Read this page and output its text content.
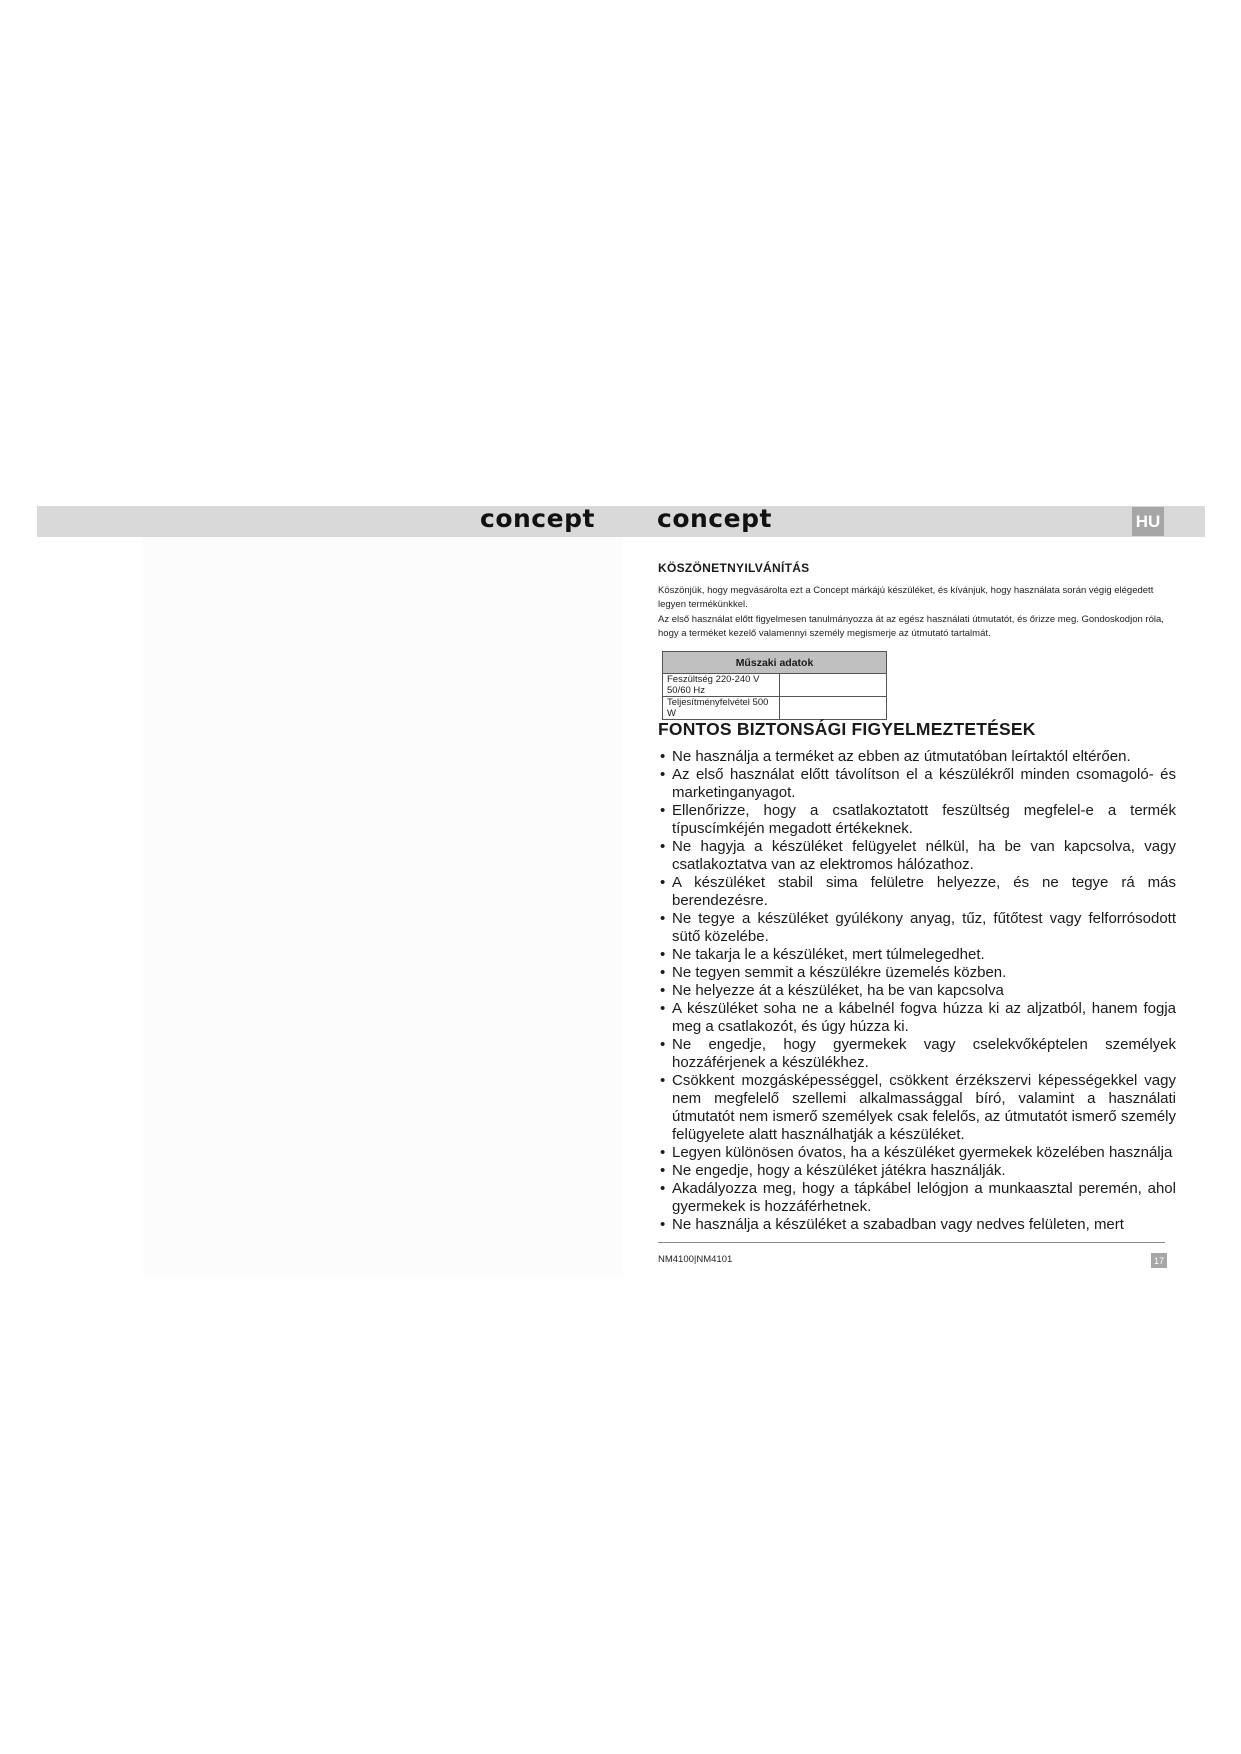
concept concept	HU
KÖSZÖNETNYILVÁNÍTÁS

Köszönjük, hogy megvásárolta ezt a Concept márkájú készüléket, és kívánjuk, hogy használata során végig elégedett legyen termékünkkel.

Az első használat előtt figyelmesen tanulmányozza át az egész használati útmutatót, és őrizze meg. Gondoskodjon róla, hogy a terméket kezelő valamennyi személy megismerje az útmutató tartalmát.

Műszaki adatok	
Feszültség 220-240 V 50/60 Hz	
Teljesítményfelvétel 500 W	
FONTOS BIZTONSÁGI FIGYELMEZTETÉSEK
• Ne használja a terméket az ebben az útmutatóban leírtaktól eltérően.
• Az első használat előtt távolítson el a készülékről minden csomagoló- és marketinganyagot.
• Ellenőrizze, hogy a csatlakoztatott feszültség megfelel-e a termék típuscímkéjén megadott értékeknek.
• Ne hagyja a készüléket felügyelet nélkül, ha be van kapcsolva, vagy csatlakoztatva van az elektromos hálózathoz.
• A készüléket stabil sima felületre helyezze, és ne tegye rá más berendezésre.
• Ne tegye a készüléket gyúlékony anyag, tűz, fűtőtest vagy felforrósodott sütő közelébe.
• Ne takarja le a készüléket, mert túlmelegedhet.
• Ne tegyen semmit a készülékre üzemelés közben.
• Ne helyezze át a készüléket, ha be van kapcsolva
• A készüléket soha ne a kábelnél fogva húzza ki az aljzatból, hanem fogja meg a csatlakozót, és úgy húzza ki.
• Ne engedje, hogy gyermekek vagy cselekvőképtelen személyek hozzáférjenek a készülékhez.
• Csökkent mozgásképességgel, csökkent érzékszervi képességekkel vagy nem megfelelő szellemi alkalmassággal bíró, valamint a használati útmutatót nem ismerő személyek csak felelős, az útmutatót ismerő személy felügyelete alatt használhatják a készüléket.
• Legyen különösen óvatos, ha a készüléket gyermekek közelében használja
• Ne engedje, hogy a készüléket játékra használják.
• Akadályozza meg, hogy a tápkábel lelógjon a munkaasztal peremén, ahol gyermekek is hozzáférhetnek.
• Ne használja a készüléket a szabadban vagy nedves felületen, mert
NM4100|NM4101	17
